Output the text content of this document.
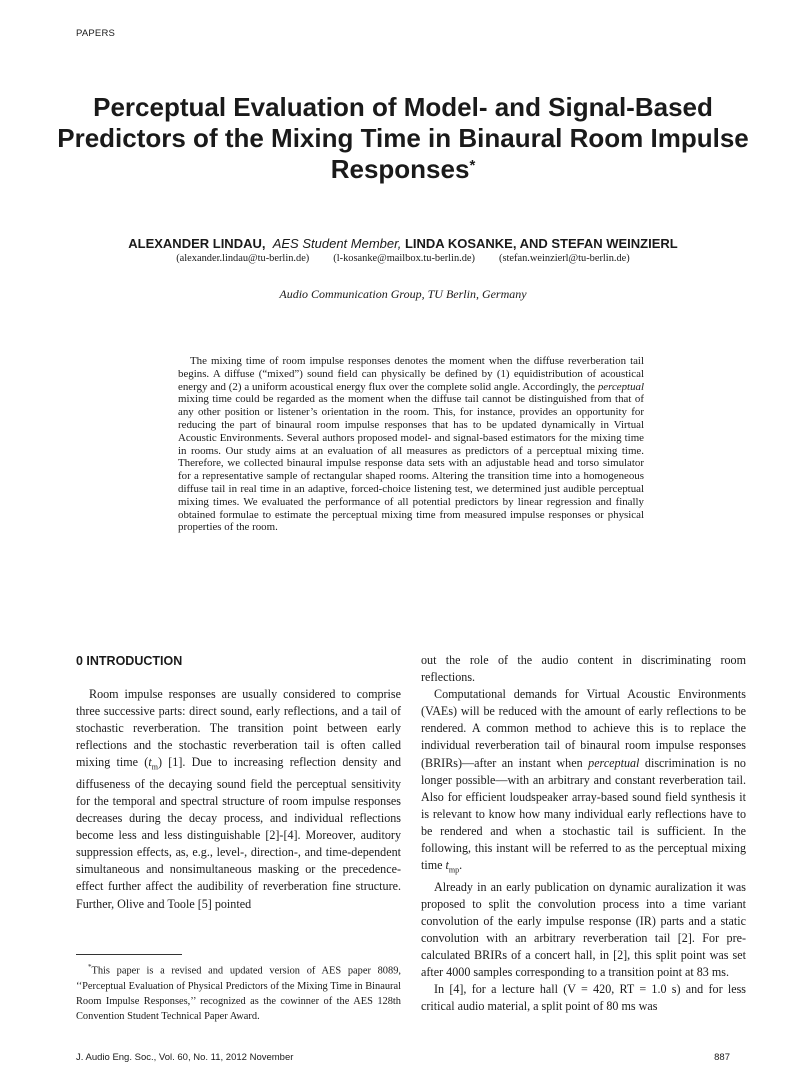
PAPERS
Perceptual Evaluation of Model- and Signal-Based Predictors of the Mixing Time in Binaural Room Impulse Responses*
ALEXANDER LINDAU, AES Student Member, LINDA KOSANKE, AND STEFAN WEINZIERL
(alexander.lindau@tu-berlin.de) (l-kosanke@mailbox.tu-berlin.de) (stefan.weinzierl@tu-berlin.de)
Audio Communication Group, TU Berlin, Germany
The mixing time of room impulse responses denotes the moment when the diffuse reverberation tail begins. A diffuse (“mixed”) sound field can physically be defined by (1) equidistribution of acoustical energy and (2) a uniform acoustical energy flux over the complete solid angle. Accordingly, the perceptual mixing time could be regarded as the moment when the diffuse tail cannot be distinguished from that of any other position or listener’s orientation in the room. This, for instance, provides an opportunity for reducing the part of binaural room impulse responses that has to be updated dynamically in Virtual Acoustic Environments. Several authors proposed model- and signal-based estimators for the mixing time in rooms. Our study aims at an evaluation of all measures as predictors of a perceptual mixing time. Therefore, we collected binaural impulse response data sets with an adjustable head and torso simulator for a representative sample of rectangular shaped rooms. Altering the transition time into a homogeneous diffuse tail in real time in an adaptive, forced-choice listening test, we determined just audible perceptual mixing times. We evaluated the performance of all potential predictors by linear regression and finally obtained formulae to estimate the perceptual mixing time from measured impulse responses or physical properties of the room.
0 INTRODUCTION

Room impulse responses are usually considered to comprise three successive parts: direct sound, early reflections, and a tail of stochastic reverberation. The transition point between early reflections and the stochastic reverberation tail is often called mixing time $(t_m)$ [1]. Due to increasing reflection density and diffuseness of the decaying sound field the perceptual sensitivity for the temporal and spectral structure of room impulse responses decreases during the decay process, and individual reflections become less and less distinguishable [2]-[4]. Moreover, auditory suppression effects, as, e.g., level-, direction-, and time-dependent simultaneous and nonsimultaneous masking or the precedence-effect further affect the audibility of reverberation fine structure. Further, Olive and Toole [5] pointed

out the role of the audio content in discriminating room reflections.

Computational demands for Virtual Acoustic Environments (VAEs) will be reduced with the amount of early reflections to be rendered. A common method to achieve this is to replace the individual reverberation tail of binaural room impulse responses (BRIRs)—after an instant when perceptual discrimination is no longer possible—with an arbitrary and constant reverberation tail. Also for efficient loudspeaker array-based sound field synthesis it is relevant to know how many individual early reflections have to be rendered and when a stochastic tail is sufficient. In the following, this instant will be referred to as the perceptual mixing time $t_{mp}$.

Already in an early publication on dynamic auralization it was proposed to split the convolution process into a time variant convolution of the early impulse response (IR) parts and a static convolution with an arbitrary reverberation tail [2]. For pre-calculated BRIRs of a concert hall, in [2], this split point was set after 4000 samples corresponding to a transition point at 83 ms.

In [4], for a lecture hall (V = 420, RT = 1.0 s) and for less critical audio material, a split point of 80 ms was

*This paper is a revised and updated version of AES paper 8089, ‘‘Perceptual Evaluation of Physical Predictors of the Mixing Time in Binaural Room Impulse Responses,’’ recognized as the cowinner of the AES 128th Convention Student Technical Paper Award.
J. Audio Eng. Soc., Vol. 60, No. 11, 2012 November	887
